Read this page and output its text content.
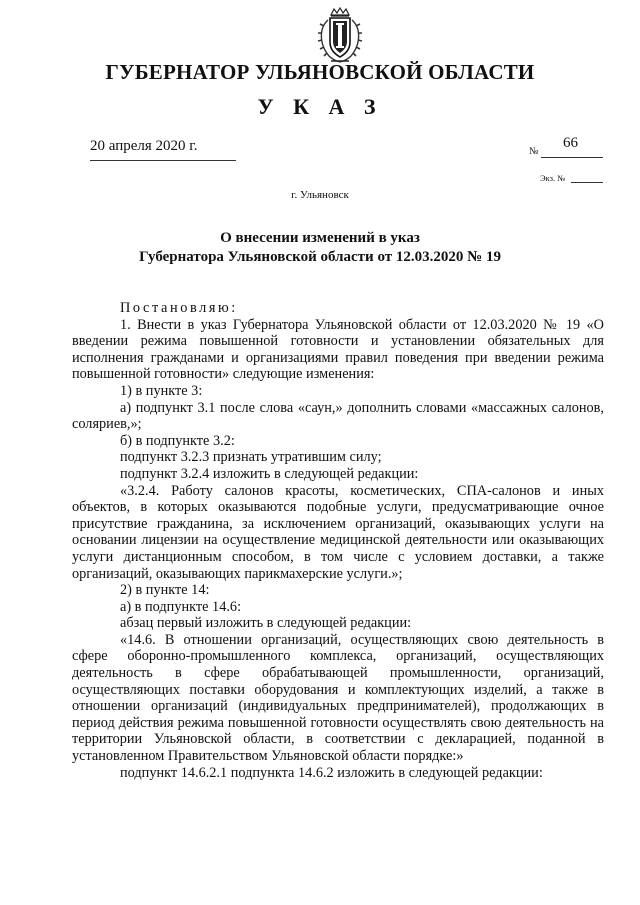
ГУБЕРНАТОР УЛЬЯНОВСКОЙ ОБЛАСТИ
У К А З
20 апреля 2020 г.	№
66
Экз. №
г. Ульяновск
О внесении изменений в указ
Губернатора Ульяновской области от 12.03.2020 № 19

Постановляю:

1. Внести в указ Губернатора Ульяновской области от 12.03.2020 № 19 «О введении режима повышенной готовности и установлении обязательных для исполнения гражданами и организациями правил поведения при введении режима повышенной готовности» следующие изменения:

1) в пункте 3:

а) подпункт 3.1 после слова «саун,» дополнить словами «массажных салонов, соляриев,»;

б) в подпункте 3.2:

подпункт 3.2.3 признать утратившим силу;

подпункт 3.2.4 изложить в следующей редакции:

«3.2.4. Работу салонов красоты, косметических, СПА-салонов и иных объектов, в которых оказываются подобные услуги, предусматривающие очное присутствие гражданина, за исключением организаций, оказывающих услуги на основании лицензии на осуществление медицинской деятельности или оказывающих услуги дистанционным способом, в том числе с условием доставки, а также организаций, оказывающих парикмахерские услуги.»;

2) в пункте 14:

а) в подпункте 14.6:

абзац первый изложить в следующей редакции:

«14.6. В отношении организаций, осуществляющих свою деятельность в сфере оборонно-промышленного комплекса, организаций, осуществляющих деятельность в сфере обрабатывающей промышленности, организаций, осуществляющих поставки оборудования и комплектующих изделий, а также в отношении организаций (индивидуальных предпринимателей), продолжающих в период действия режима повышенной готовности осуществлять свою деятельность на территории Ульяновской области, в соответствии с декларацией, поданной в установленном Правительством Ульяновской области порядке:»

подпункт 14.6.2.1 подпункта 14.6.2 изложить в следующей редакции:
